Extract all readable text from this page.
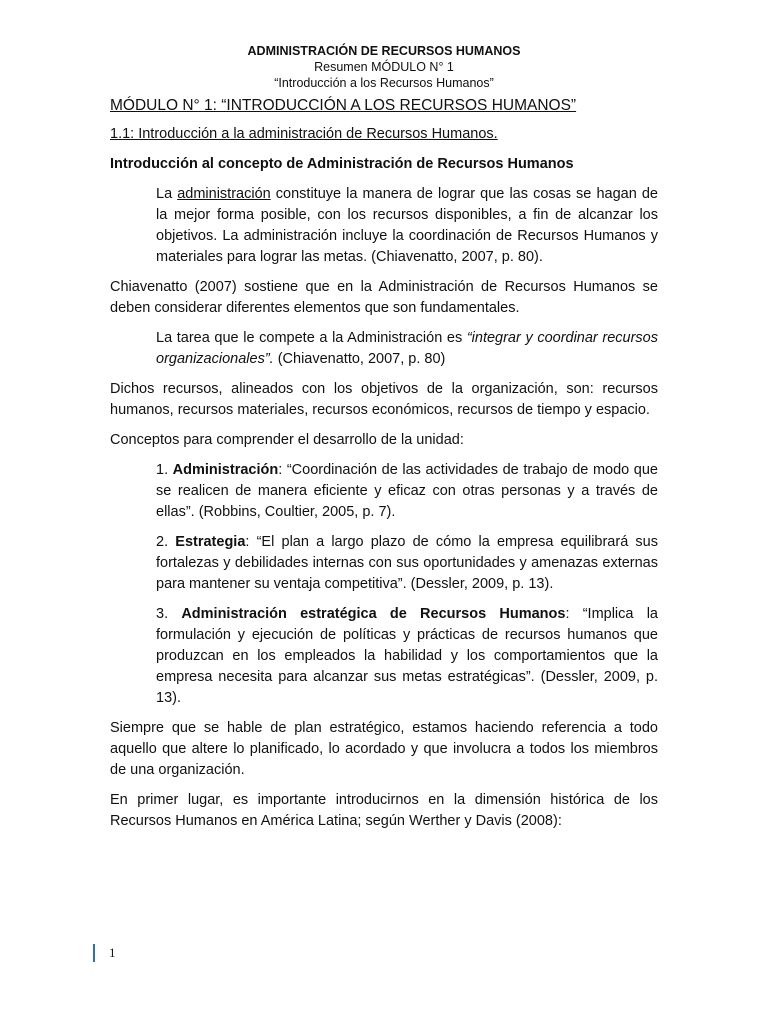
ADMINISTRACIÓN DE RECURSOS HUMANOS
Resumen MÓDULO N° 1
“Introducción a los Recursos Humanos”

MÓDULO N° 1: “INTRODUCCIÓN A LOS RECURSOS HUMANOS”

1.1: Introducción a la administración de Recursos Humanos.

Introducción al concepto de Administración de Recursos Humanos

La administración constituye la manera de lograr que las cosas se hagan de la mejor forma posible, con los recursos disponibles, a fin de alcanzar los objetivos. La administración incluye la coordinación de Recursos Humanos y materiales para lograr las metas. (Chiavenatto, 2007, p. 80).

Chiavenatto (2007) sostiene que en la Administración de Recursos Humanos se deben considerar diferentes elementos que son fundamentales.

La tarea que le compete a la Administración es “integrar y coordinar recursos organizacionales”. (Chiavenatto, 2007, p. 80)

Dichos recursos, alineados con los objetivos de la organización, son: recursos humanos, recursos materiales, recursos económicos, recursos de tiempo y espacio.

Conceptos para comprender el desarrollo de la unidad:

1. Administración: “Coordinación de las actividades de trabajo de modo que se realicen de manera eficiente y eficaz con otras personas y a través de ellas”. (Robbins, Coultier, 2005, p. 7).

2. Estrategia: “El plan a largo plazo de cómo la empresa equilibrará sus fortalezas y debilidades internas con sus oportunidades y amenazas externas para mantener su ventaja competitiva”. (Dessler, 2009, p. 13).

3. Administración estratégica de Recursos Humanos: “Implica la formulación y ejecución de políticas y prácticas de recursos humanos que produzcan en los empleados la habilidad y los comportamientos que la empresa necesita para alcanzar sus metas estratégicas”. (Dessler, 2009, p. 13).

Siempre que se hable de plan estratégico, estamos haciendo referencia a todo aquello que altere lo planificado, lo acordado y que involucra a todos los miembros de una organización.

En primer lugar, es importante introducirnos en la dimensión histórica de los Recursos Humanos en América Latina; según Werther y Davis (2008):

1
